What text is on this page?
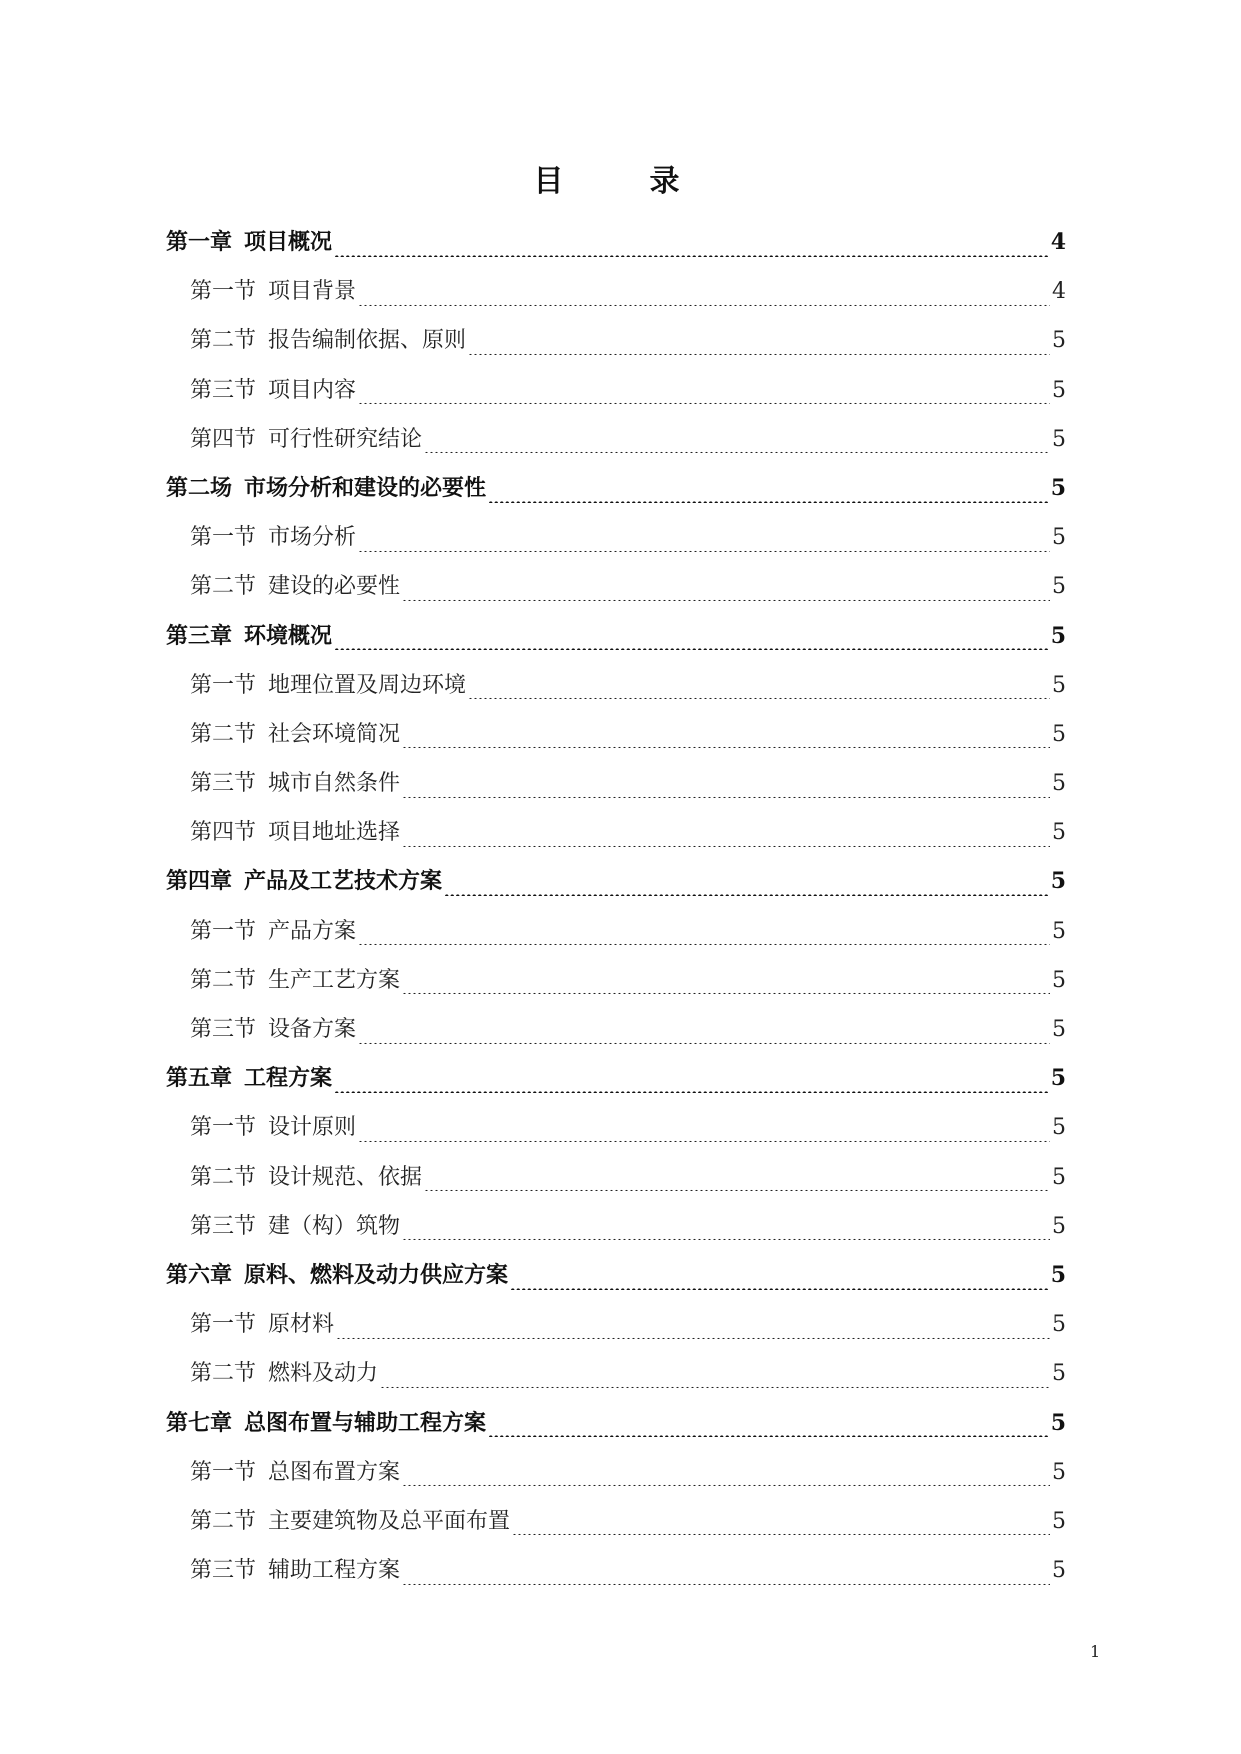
目　录
第一章 项目概况	4
第一节 项目背景	4
第二节 报告编制依据、原则	5
第三节 项目内容	5
第四节 可行性研究结论	5
第二场 市场分析和建设的必要性	5
第一节 市场分析	5
第二节 建设的必要性	5
第三章 环境概况	5
第一节 地理位置及周边环境	5
第二节 社会环境简况	5
第三节 城市自然条件	5
第四节 项目地址选择	5
第四章 产品及工艺技术方案	5
第一节 产品方案	5
第二节 生产工艺方案	5
第三节 设备方案	5
第五章 工程方案	5
第一节 设计原则	5
第二节 设计规范、依据	5
第三节 建（构）筑物	5
第六章 原料、燃料及动力供应方案	5
第一节 原材料	5
第二节 燃料及动力	5
第七章 总图布置与辅助工程方案	5
第一节 总图布置方案	5
第二节 主要建筑物及总平面布置	5
第三节 辅助工程方案	5
1
